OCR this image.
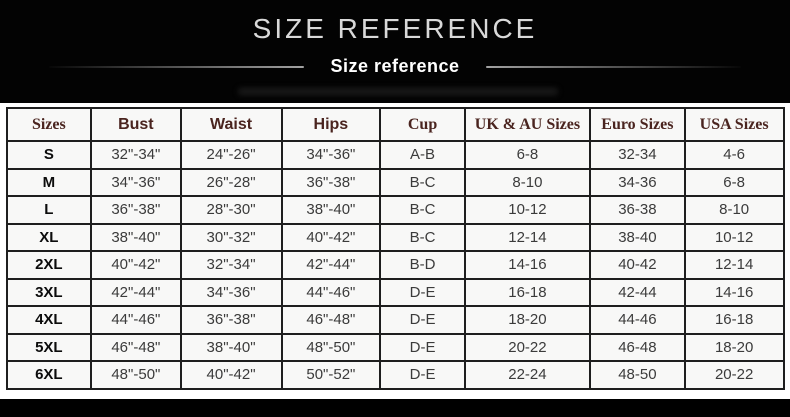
SIZE REFERENCE
Size reference
Sizes	Bust	Waist	Hips	Cup	UK & AU Sizes	Euro Sizes	USA Sizes
S	32"-34"	24"-26"	34"-36"	A-B	6-8	32-34	4-6
M	34"-36"	26"-28"	36"-38"	B-C	8-10	34-36	6-8
L	36"-38"	28"-30"	38"-40"	B-C	10-12	36-38	8-10
XL	38"-40"	30"-32"	40"-42"	B-C	12-14	38-40	10-12
2XL	40"-42"	32"-34"	42"-44"	B-D	14-16	40-42	12-14
3XL	42"-44"	34"-36"	44"-46"	D-E	16-18	42-44	14-16
4XL	44"-46"	36"-38"	46"-48"	D-E	18-20	44-46	16-18
5XL	46"-48"	38"-40"	48"-50"	D-E	20-22	46-48	18-20
6XL	48"-50"	40"-42"	50"-52"	D-E	22-24	48-50	20-22
